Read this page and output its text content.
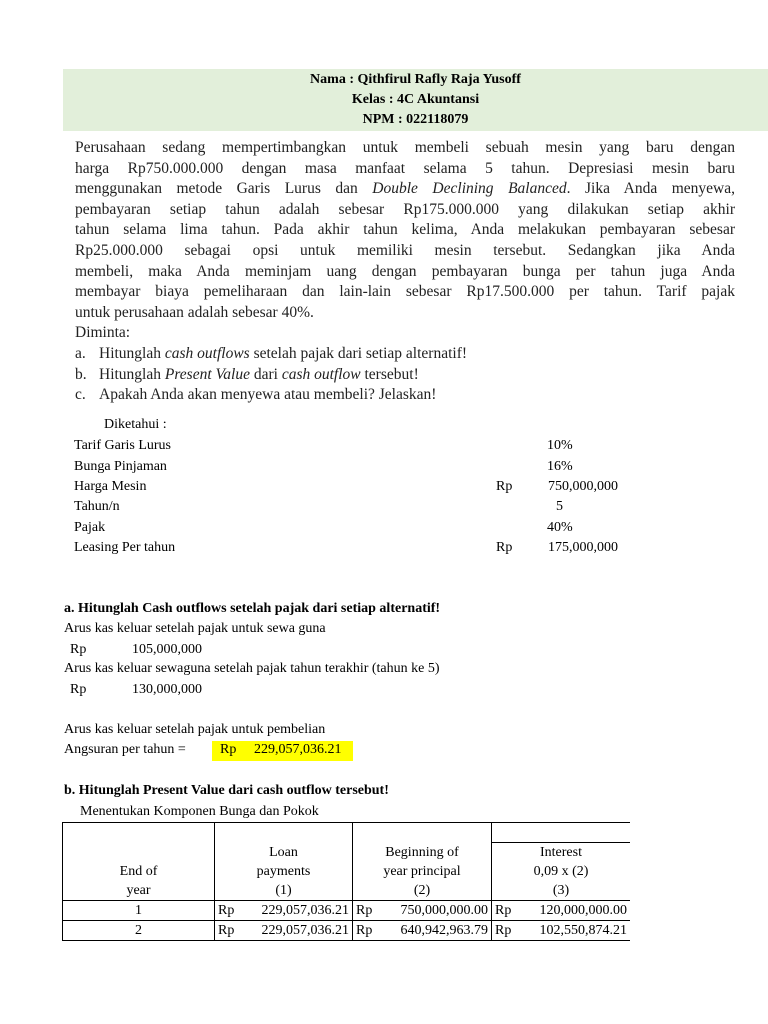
Nama : Qithfirul Rafly Raja Yusoff
Kelas : 4C Akuntansi
NPM : 022118079
Perusahaan sedang mempertimbangkan untuk membeli sebuah mesin yang baru dengan
harga Rp750.000.000 dengan masa manfaat selama 5 tahun. Depresiasi mesin baru
menggunakan metode Garis Lurus dan Double Declining Balanced. Jika Anda menyewa,
pembayaran setiap tahun adalah sebesar Rp175.000.000 yang dilakukan setiap akhir
tahun selama lima tahun. Pada akhir tahun kelima, Anda melakukan pembayaran sebesar
Rp25.000.000 sebagai opsi untuk memiliki mesin tersebut. Sedangkan jika Anda
membeli, maka Anda meminjam uang dengan pembayaran bunga per tahun juga Anda
membayar biaya pemeliharaan dan lain-lain sebesar Rp17.500.000 per tahun. Tarif pajak
untuk perusahaan adalah sebesar 40%.
Diminta:
a. Hitunglah cash outflows setelah pajak dari setiap alternatif!
b. Hitunglah Present Value dari cash outflow tersebut!
c. Apakah Anda akan menyewa atau membeli? Jelaskan!
Diketahui :
Tarif Garis Lurus	10%
Bunga Pinjaman	16%
Harga Mesin	Rp	750,000,000
Tahun/n	5
Pajak	40%
Leasing Per tahun	Rp	175,000,000
a. Hitunglah Cash outflows setelah pajak dari setiap alternatif!
Arus kas keluar setelah pajak untuk sewa guna
Rp	105,000,000
Arus kas keluar sewaguna setelah pajak tahun terakhir (tahun ke 5)
Rp	130,000,000
Arus kas keluar setelah pajak untuk pembelian
Angsuran per tahun = Rp 229,057,036.21
b. Hitunglah Present Value dari cash outflow tersebut!
Menentukan Komponen Bunga dan Pokok

	Loan	Beginning of	Interest	
End of	payments	year principal	0,09 x (2)	
year	(1)	(2)	(3)	
1	Rp 229,057,036.21	Rp 750,000,000.00	Rp 120,000,000.00	

2	Rp 229,057,036.21	Rp 640,942,963.79	Rp 102,550,874.21	
